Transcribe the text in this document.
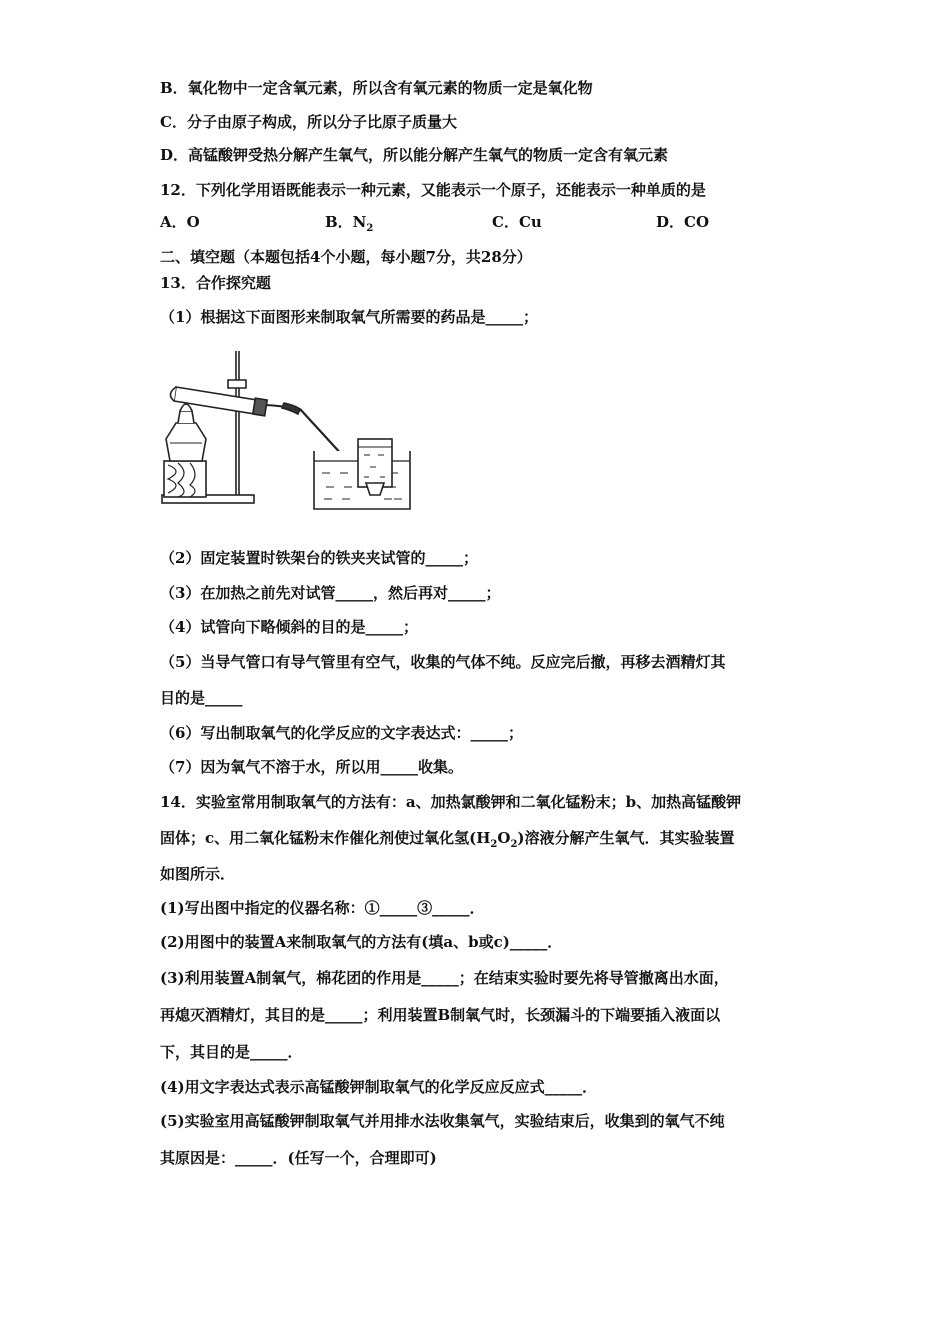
B．氧化物中一定含氧元素，所以含有氧元素的物质一定是氧化物
C．分子由原子构成，所以分子比原子质量大
D．高锰酸钾受热分解产生氧气，所以能分解产生氧气的物质一定含有氧元素
12．下列化学用语既能表示一种元素，又能表示一个原子，还能表示一种单质的是
A．O	B．$N_2$	C．Cu	D．CO
二、填空题（本题包括4个小题，每小题7分，共28分）
13．合作探究题
（1）根据这下面图形来制取氧气所需要的药品是_____；
（2）固定装置时铁架台的铁夹夹试管的_____；
（3）在加热之前先对试管_____，然后再对_____；
（4）试管向下略倾斜的目的是_____；
（5）当导气管口有导气管里有空气，收集的气体不纯。反应完后撤，再移去酒精灯其
目的是_____
（6）写出制取氧气的化学反应的文字表达式：_____；
（7）因为氧气不溶于水，所以用_____收集。
14．实验室常用制取氧气的方法有：a、加热氯酸钾和二氧化锰粉末；b、加热高锰酸钾
固体；c、用二氧化锰粉末作催化剂使过氧化氢$(H_2O_2)$溶液分解产生氧气．其实验装置
如图所示．
(1)写出图中指定的仪器名称：①_____③_____．
(2)用图中的装置A来制取氧气的方法有(填a、b或c)_____．
(3)利用装置A制氧气，棉花团的作用是_____；在结束实验时要先将导管撤离出水面，
再熄灭酒精灯，其目的是_____；利用装置B制氧气时，长颈漏斗的下端要插入液面以
下，其目的是_____．
(4)用文字表达式表示高锰酸钾制取氧气的化学反应反应式_____．
(5)实验室用高锰酸钾制取氧气并用排水法收集氧气，实验结束后，收集到的氧气不纯
其原因是：_____．(任写一个，合理即可)
